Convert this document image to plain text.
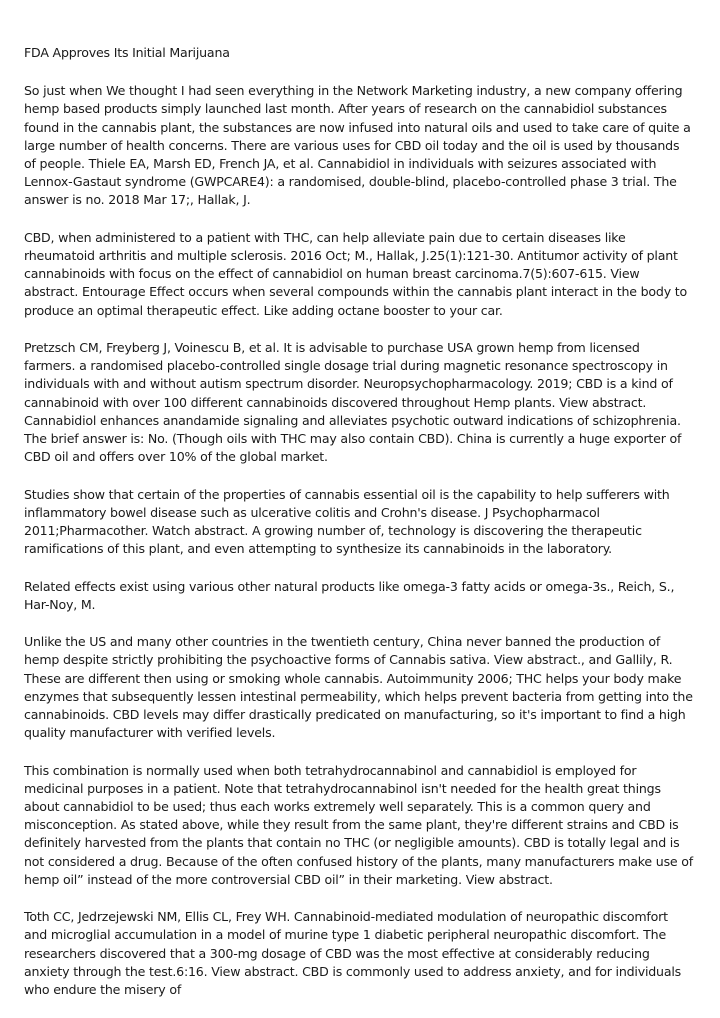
FDA Approves Its Initial Marijuana

So just when We thought I had seen everything in the Network Marketing industry, a new company offering hemp based products simply launched last month. After years of research on the cannabidiol substances found in the cannabis plant, the substances are now infused into natural oils and used to take care of quite a large number of health concerns. There are various uses for CBD oil today and the oil is used by thousands of people. Thiele EA, Marsh ED, French JA, et al. Cannabidiol in individuals with seizures associated with Lennox-Gastaut syndrome (GWPCARE4): a randomised, double-blind, placebo-controlled phase 3 trial. The answer is no. 2018 Mar 17;, Hallak, J.

CBD, when administered to a patient with THC, can help alleviate pain due to certain diseases like rheumatoid arthritis and multiple sclerosis. 2016 Oct; M., Hallak, J.25(1):121-30. Antitumor activity of plant cannabinoids with focus on the effect of cannabidiol on human breast carcinoma.7(5):607-615. View abstract. Entourage Effect occurs when several compounds within the cannabis plant interact in the body to produce an optimal therapeutic effect. Like adding octane booster to your car.

Pretzsch CM, Freyberg J, Voinescu B, et al. It is advisable to purchase USA grown hemp from licensed farmers. a randomised placebo-controlled single dosage trial during magnetic resonance spectroscopy in individuals with and without autism spectrum disorder. Neuropsychopharmacology. 2019; CBD is a kind of cannabinoid with over 100 different cannabinoids discovered throughout Hemp plants. View abstract. Cannabidiol enhances anandamide signaling and alleviates psychotic outward indications of schizophrenia. The brief answer is: No. (Though oils with THC may also contain CBD). China is currently a huge exporter of CBD oil and offers over 10% of the global market.

Studies show that certain of the properties of cannabis essential oil is the capability to help sufferers with inflammatory bowel disease such as ulcerative colitis and Crohn's disease. J Psychopharmacol 2011;Pharmacother. Watch abstract. A growing number of, technology is discovering the therapeutic ramifications of this plant, and even attempting to synthesize its cannabinoids in the laboratory.

Related effects exist using various other natural products like omega-3 fatty acids or omega-3s., Reich, S., Har-Noy, M.

Unlike the US and many other countries in the twentieth century, China never banned the production of hemp despite strictly prohibiting the psychoactive forms of Cannabis sativa. View abstract., and Gallily, R. These are different then using or smoking whole cannabis. Autoimmunity 2006; THC helps your body make enzymes that subsequently lessen intestinal permeability, which helps prevent bacteria from getting into the cannabinoids. CBD levels may differ drastically predicated on manufacturing, so it's important to find a high quality manufacturer with verified levels.

This combination is normally used when both tetrahydrocannabinol and cannabidiol is employed for medicinal purposes in a patient. Note that tetrahydrocannabinol isn't needed for the health great things about cannabidiol to be used; thus each works extremely well separately. This is a common query and misconception. As stated above, while they result from the same plant, they're different strains and CBD is definitely harvested from the plants that contain no THC (or negligible amounts). CBD is totally legal and is not considered a drug. Because of the often confused history of the plants, many manufacturers make use of hemp oil” instead of the more controversial CBD oil” in their marketing. View abstract.

Toth CC, Jedrzejewski NM, Ellis CL, Frey WH. Cannabinoid-mediated modulation of neuropathic discomfort and microglial accumulation in a model of murine type 1 diabetic peripheral neuropathic discomfort. The researchers discovered that a 300-mg dosage of CBD was the most effective at considerably reducing anxiety through the test.6:16. View abstract. CBD is commonly used to address anxiety, and for individuals who endure the misery of
